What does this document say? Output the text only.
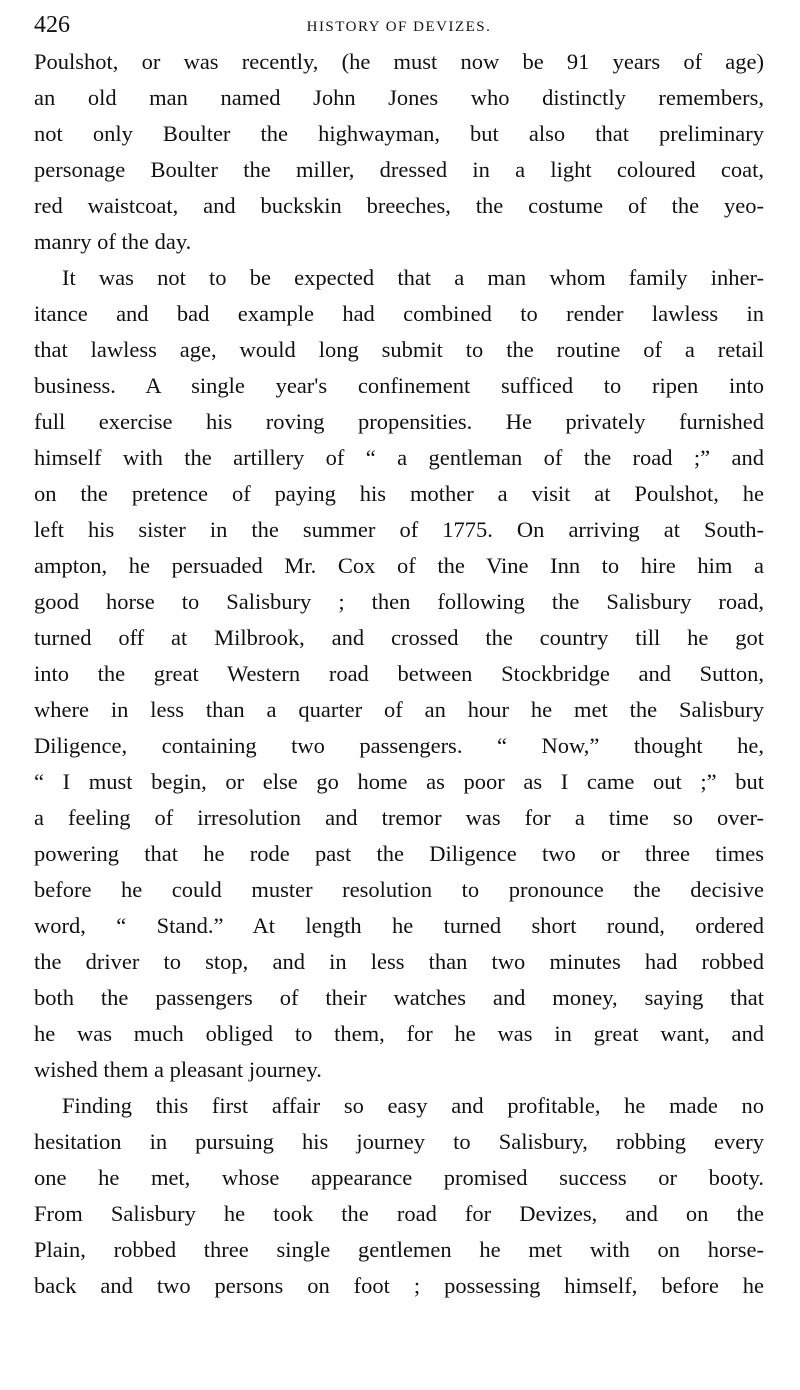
426	HISTORY OF DEVIZES.
Poulshot, or was recently, (he must now be 91 years of age)
an old man named John Jones who distinctly remembers,
not only Boulter the highwayman, but also that preliminary
personage Boulter the miller, dressed in a light coloured coat,
red waistcoat, and buckskin breeches, the costume of the yeo-
manry of the day.
It was not to be expected that a man whom family inher-
itance and bad example had combined to render lawless in
that lawless age, would long submit to the routine of a retail
business. A single year's confinement sufficed to ripen into
full exercise his roving propensities. He privately furnished
himself with the artillery of “ a gentleman of the road ;” and
on the pretence of paying his mother a visit at Poulshot, he
left his sister in the summer of 1775. On arriving at South-
ampton, he persuaded Mr. Cox of the Vine Inn to hire him a
good horse to Salisbury ; then following the Salisbury road,
turned off at Milbrook, and crossed the country till he got
into the great Western road between Stockbridge and Sutton,
where in less than a quarter of an hour he met the Salisbury
Diligence, containing two passengers. “ Now,” thought he,
“ I must begin, or else go home as poor as I came out ;” but
a feeling of irresolution and tremor was for a time so over-
powering that he rode past the Diligence two or three times
before he could muster resolution to pronounce the decisive
word, “ Stand.” At length he turned short round, ordered
the driver to stop, and in less than two minutes had robbed
both the passengers of their watches and money, saying that
he was much obliged to them, for he was in great want, and
wished them a pleasant journey.
Finding this first affair so easy and profitable, he made no
hesitation in pursuing his journey to Salisbury, robbing every
one he met, whose appearance promised success or booty.
From Salisbury he took the road for Devizes, and on the
Plain, robbed three single gentlemen he met with on horse-
back and two persons on foot ; possessing himself, before he
